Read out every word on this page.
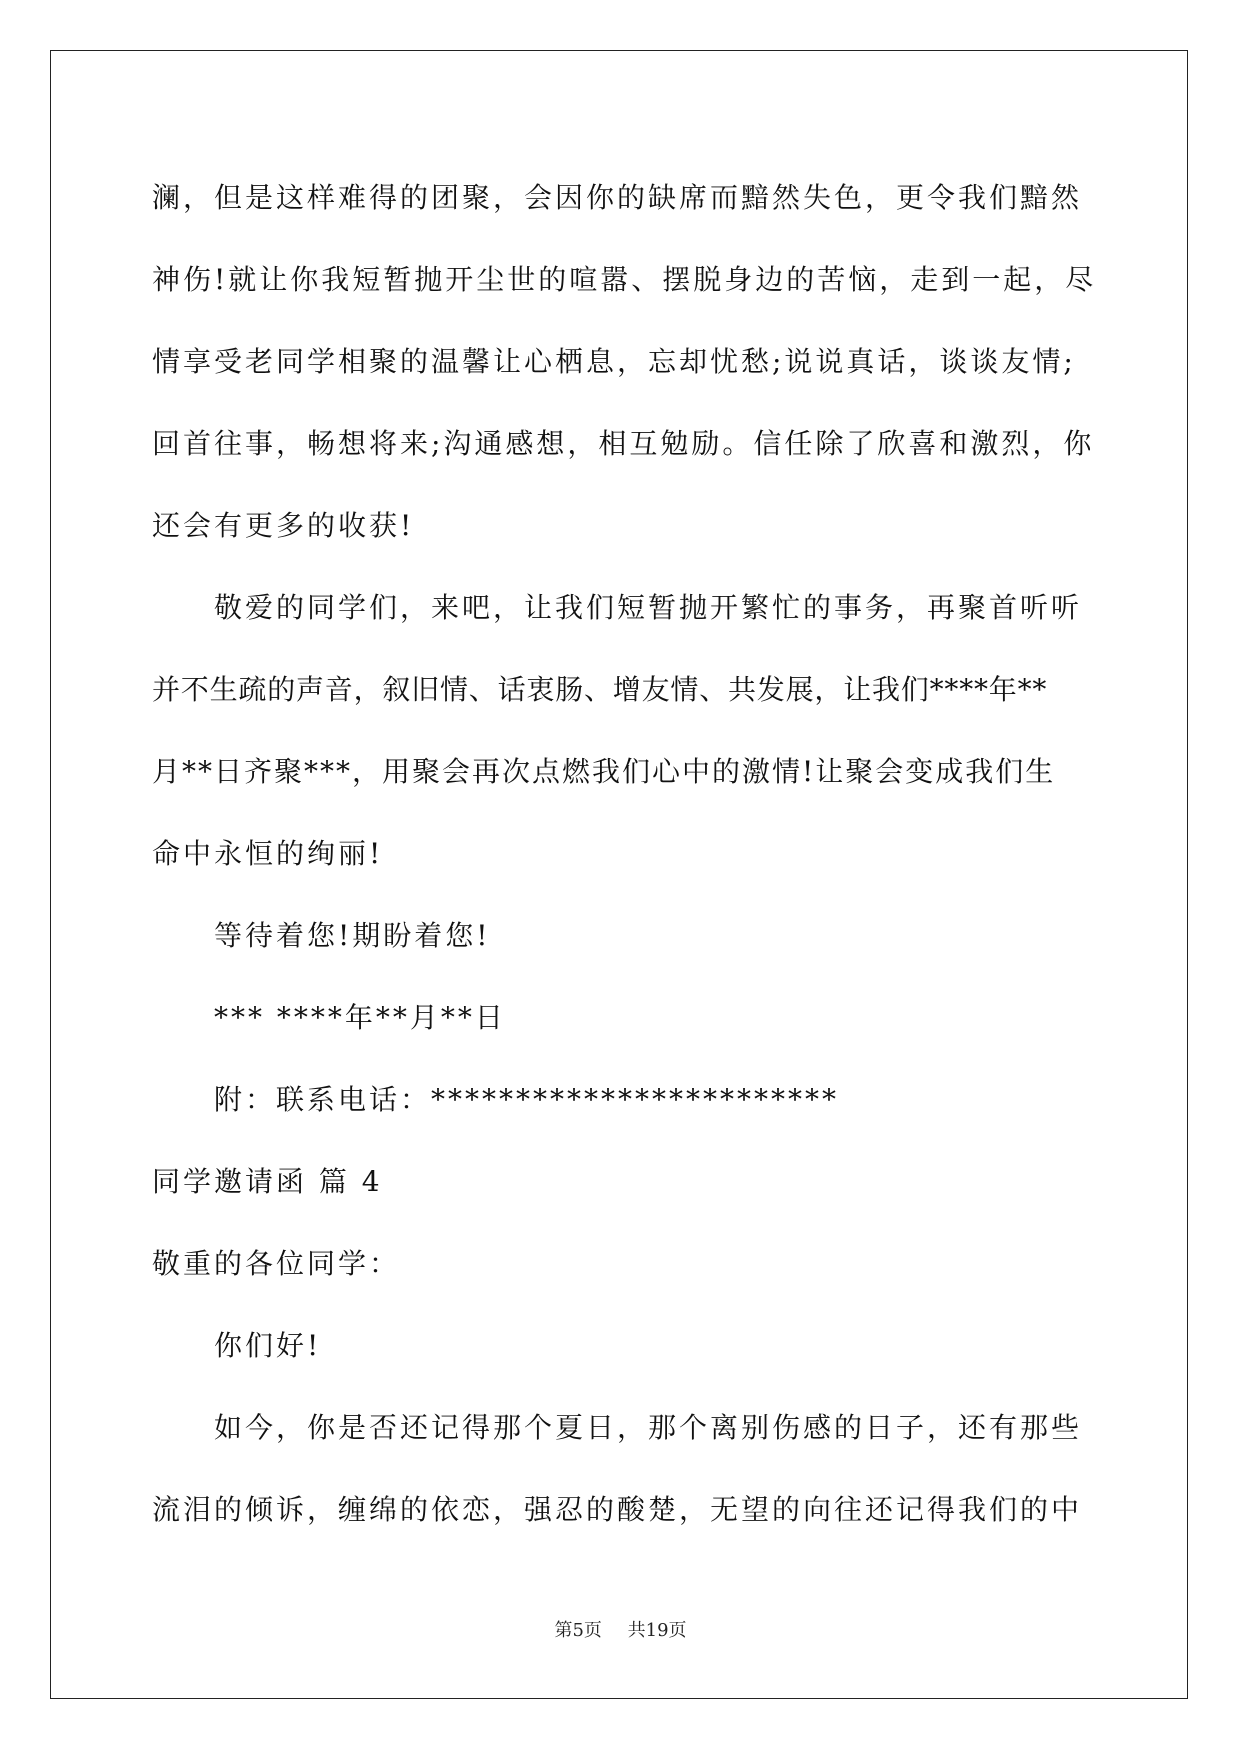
澜，但是这样难得的团聚，会因你的缺席而黯然失色，更令我们黯然
神伤!就让你我短暂抛开尘世的喧嚣、摆脱身边的苦恼，走到一起，尽
情享受老同学相聚的温馨让心栖息，忘却忧愁;说说真话，谈谈友情;
回首往事，畅想将来;沟通感想，相互勉励。信任除了欣喜和激烈，你
还会有更多的收获!
敬爱的同学们，来吧，让我们短暂抛开繁忙的事务，再聚首听听
并不生疏的声音，叙旧情、话衷肠、增友情、共发展，让我们****年**
月**日齐聚***，用聚会再次点燃我们心中的激情!让聚会变成我们生
命中永恒的绚丽!
等待着您!期盼着您!
*** ****年**月**日
附：联系电话：************************
同学邀请函 篇 4
敬重的各位同学：
你们好!
如今，你是否还记得那个夏日，那个离别伤感的日子，还有那些
流泪的倾诉，缠绵的依恋，强忍的酸楚，无望的向往还记得我们的中
第5页 共19页
